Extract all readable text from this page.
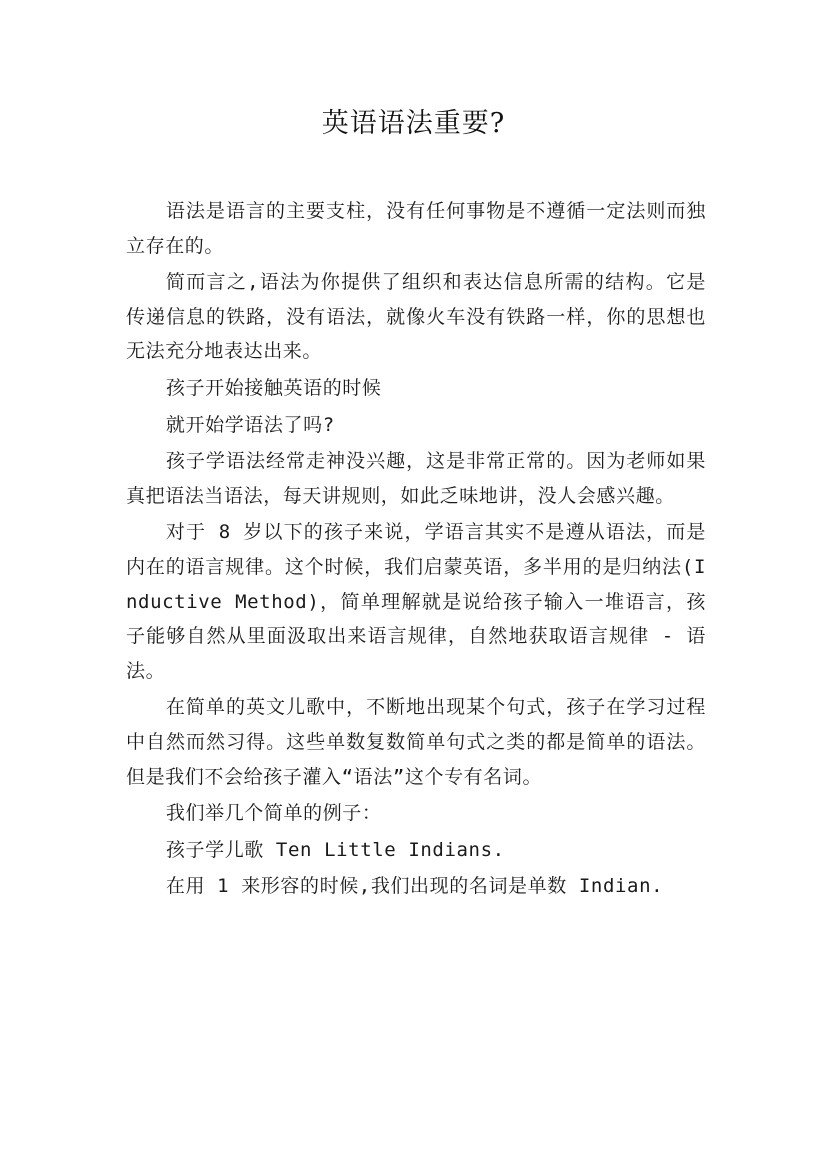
英语语法重要?

语法是语言的主要支柱，没有任何事物是不遵循一定法则而独立存在的。

简而言之,语法为你提供了组织和表达信息所需的结构。它是传递信息的铁路，没有语法，就像火车没有铁路一样，你的思想也无法充分地表达出来。

孩子开始接触英语的时候

就开始学语法了吗?

孩子学语法经常走神没兴趣，这是非常正常的。因为老师如果真把语法当语法，每天讲规则，如此乏味地讲，没人会感兴趣。

对于 8 岁以下的孩子来说，学语言其实不是遵从语法，而是内在的语言规律。这个时候，我们启蒙英语，多半用的是归纳法(Inductive Method)，简单理解就是说给孩子输入一堆语言，孩子能够自然从里面汲取出来语言规律，自然地获取语言规律 - 语法。

在简单的英文儿歌中，不断地出现某个句式，孩子在学习过程中自然而然习得。这些单数复数简单句式之类的都是简单的语法。但是我们不会给孩子灌入“语法”这个专有名词。

我们举几个简单的例子：

孩子学儿歌 Ten Little Indians.

在用 1 来形容的时候,我们出现的名词是单数 Indian.
